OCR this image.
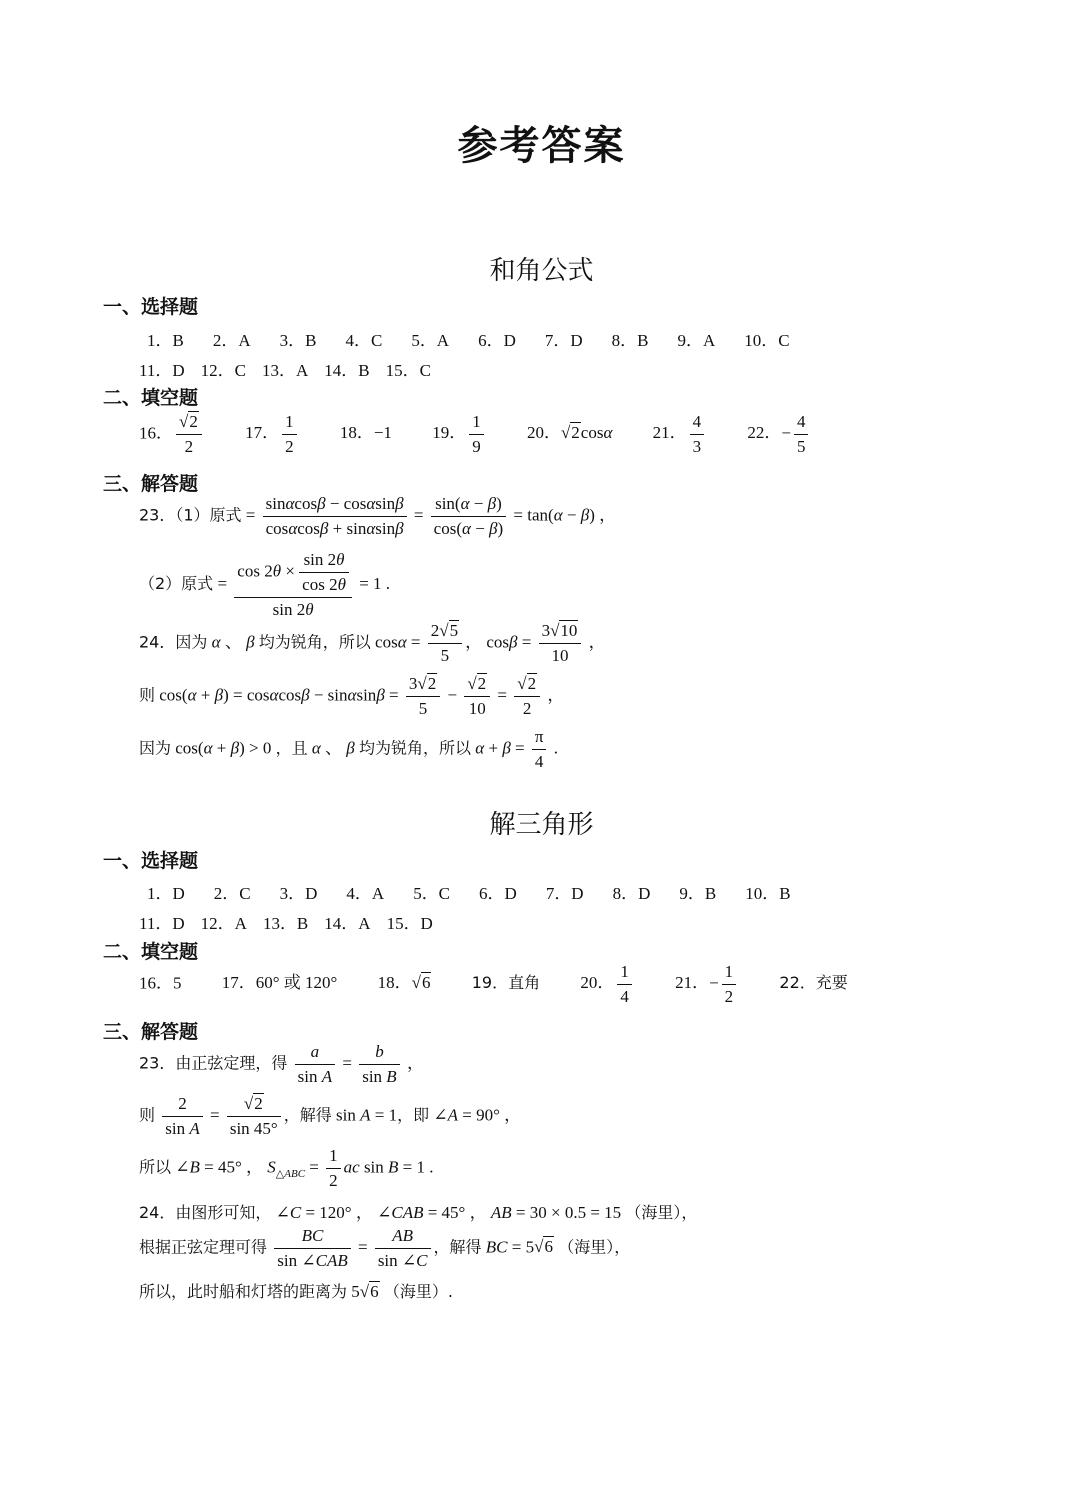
参考答案
和角公式
一、选择题
1．B 2．A 3．B 4．C 5．A 6．D 7．D 8．B 9．A 10．C
11．D 12．C 13．A 14．B 15．C
二、填空题
16． $\frac{√2}{2}$	17． $\frac{1}{2}$	18．−1 19． $\frac{1}{9}$	20．√2cosα 21． $\frac{4}{3}$	22．− $\frac{4}{5}$
三、解答题
23．（1）原式 = $\frac{\sin\alpha\cos\beta - \cos\alpha\sin\beta}{\cos\alpha\cos\beta + \sin\alpha\sin\beta} = \frac{\sin(\alpha - \beta)}{\cos(\alpha - \beta)} = \tan(\alpha - \beta)$ ，
（2）原式 = $\frac{\cos 2\theta \times \frac{\sin 2\theta}{\cos 2\theta}}{\sin 2\theta} = 1$ .
24．因为 α 、 β 均为锐角，所以 $\cos\alpha = \frac{2√5}{5}$ ， $\cos\beta = \frac{3√10}{10}$ ，
则 $\cos(\alpha + \beta) = \cos\alpha\cos\beta - \sin\alpha\sin\beta = \frac{3√2}{5} - \frac{√2}{10} = \frac{√2}{2}$ ，
因为 cos(α + β) > 0 ，且 α 、 β 均为锐角，所以 $\alpha + \beta = \frac{\pi}{4}$ .
解三角形
一、选择题
1．D 2．C 3．D 4．A 5．C 6．D 7．D 8．D 9．B 10．B
11．D 12．A 13．B 14．A 15．D
二、填空题
16．5 17．60° 或 120° 18．√6	19．直角 20． $\frac{1}{4}$	21．− $\frac{1}{2}$	22．充要
三、解答题
23．由正弦定理，得 $\frac{a}{\text{sin A}} = \frac{b}{\text{sin B}}$ ，
则 $\frac{2}{\text{sin A}} = \frac{√2}{\sin 45^\circ}$ ，解得 sin A = 1，即 ∠A = 90° ，
所以 ∠B = 45° ， $S_{\triangle ABC} = \frac{1}{2}$ ac sin B = 1 .
24．由图形可知， ∠C = 120° ， ∠CAB = 45° ， AB = 30 × 0.5 = 15 （海里），
根据正弦定理可得 $\frac{BC}{\text{sin ∠CAB}} = \frac{AB}{\sin \angle C}$ ，解得 BC = 5√6 （海里），
所以，此时船和灯塔的距离为 5√6 （海里）.
